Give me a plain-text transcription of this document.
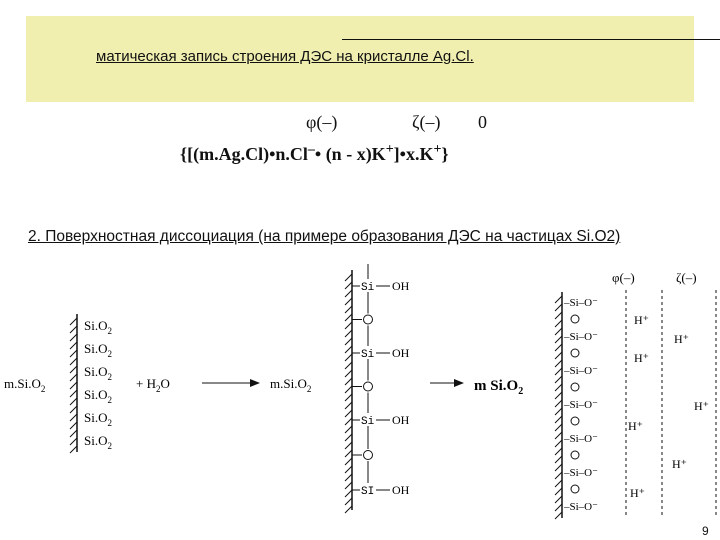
матическая запись строения ДЭС на кристалле Ag.Cl.
φ(–)	ζ(–) 0
{[(m.Ag.Cl)•n.Cl–• (n - x)K+]•x.K+}
2. Поверхностная диссоциация (на примере образования ДЭС на частицах Si.O2)
$Si.O_2$
$Si.O_2$
$Si.O_2$
$Si.O_2$
$Si.O_2$
$Si.O_2$
$m.Si.O_2$	+ $H_2O$	$m.Si.O_2$
Si OH
Si OH
Si OH
SI OH
m $Si.O_2$
–Si–O⁻
–Si–O⁻
–Si–O⁻
–Si–O⁻
–Si–O⁻
–Si–O⁻
–Si–O⁻
φ(–)	ζ(–)
H⁺
H⁺
H⁺
H⁺
H⁺
H⁺
H⁺
9
